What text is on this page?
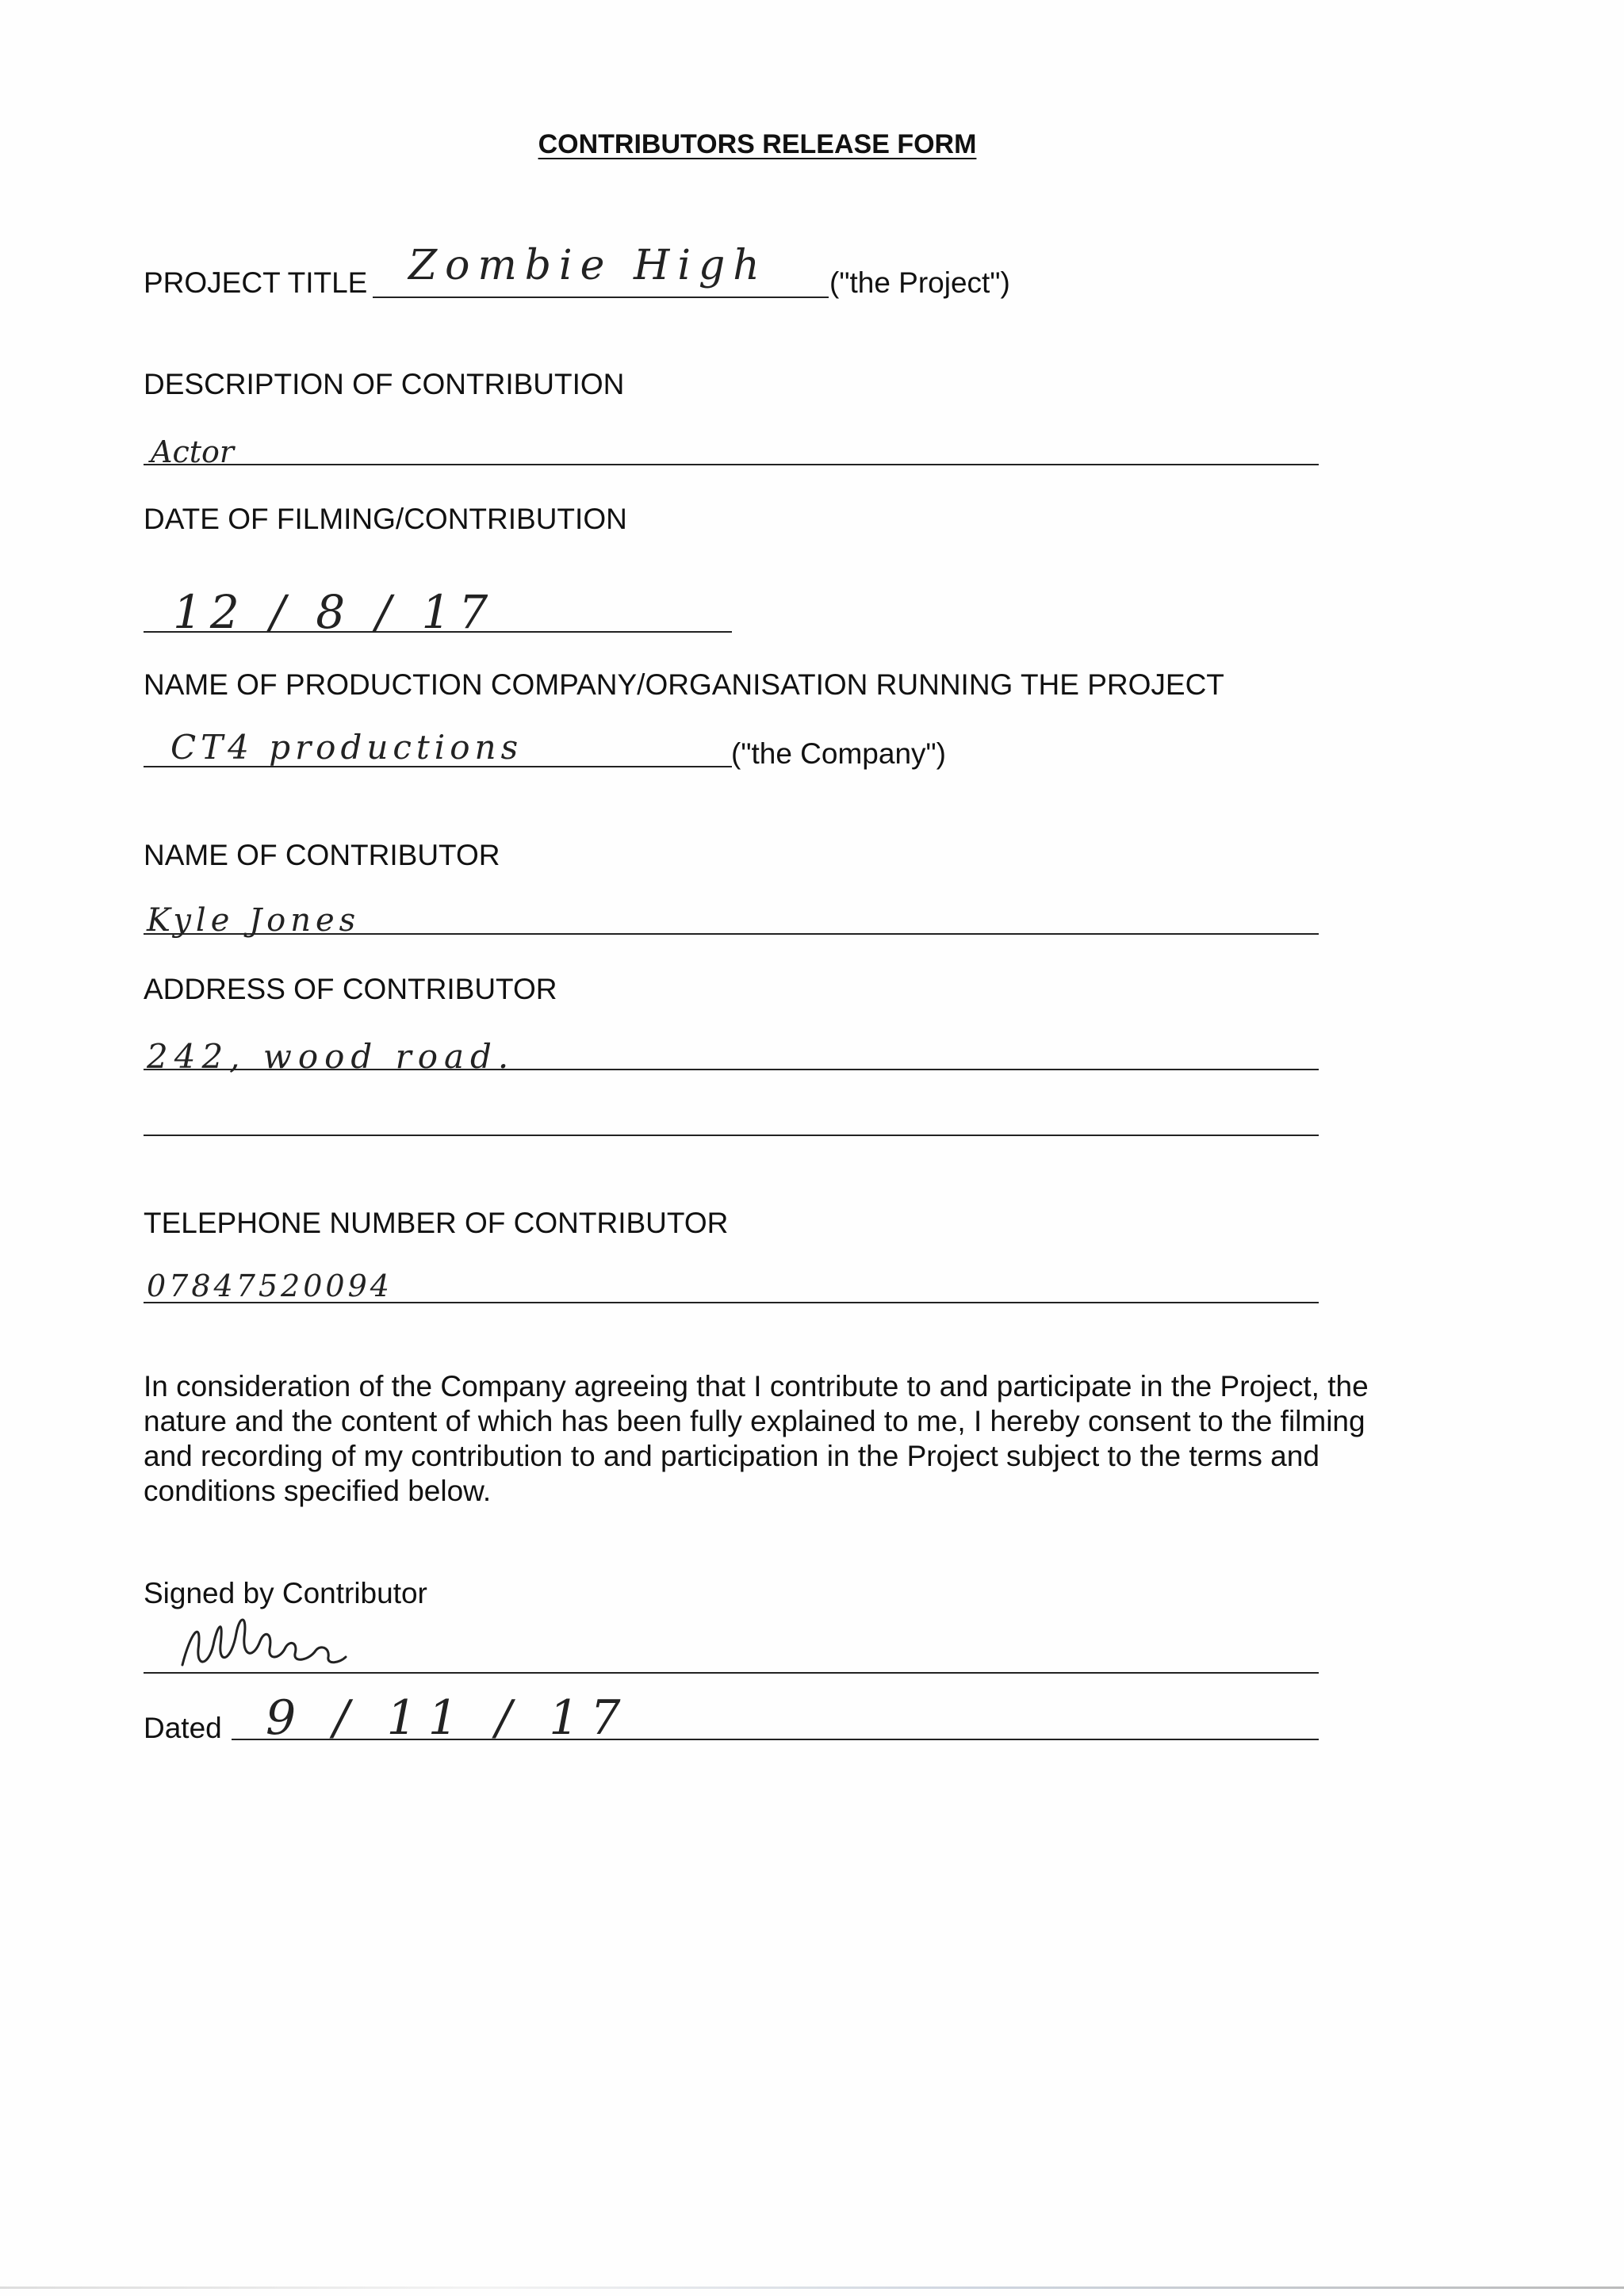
CONTRIBUTORS RELEASE FORM
PROJECT TITLE Zombie High ("the Project")
DESCRIPTION OF CONTRIBUTION
Actor
DATE OF FILMING/CONTRIBUTION
12 / 8 / 17
NAME OF PRODUCTION COMPANY/ORGANISATION RUNNING THE PROJECT
CT4 productions	("the Company")
NAME OF CONTRIBUTOR
Kyle Jones
ADDRESS OF CONTRIBUTOR
242, wood road.
TELEPHONE NUMBER OF CONTRIBUTOR
07847520094
In consideration of the Company agreeing that I contribute to and participate in the Project, the nature and the content of which has been fully explained to me, I hereby consent to the filming and recording of my contribution to and participation in the Project subject to the terms and conditions specified below.
Signed by Contributor
Dated 9 / 11 / 17
